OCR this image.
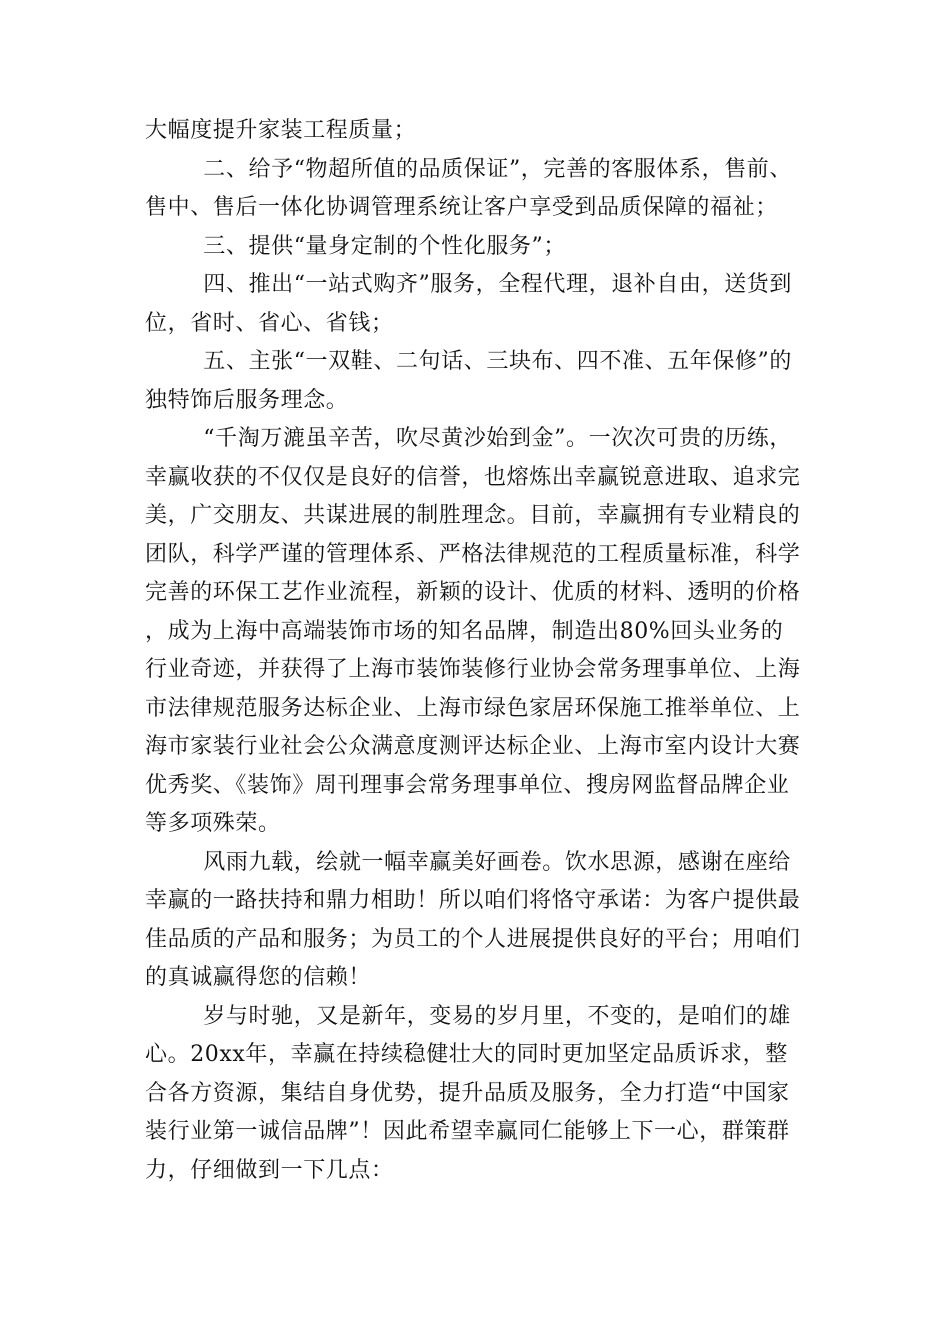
大幅度提升家装工程质量；

二、给予“物超所值的品质保证”，完善的客服体系，售前、售中、售后一体化协调管理系统让客户享受到品质保障的福祉；

三、提供“量身定制的个性化服务”；

四、推出“一站式购齐”服务，全程代理，退补自由，送货到位，省时、省心、省钱；

五、主张“一双鞋、二句话、三块布、四不准、五年保修”的独特饰后服务理念。

“千淘万漉虽辛苦，吹尽黄沙始到金”。一次次可贵的历练，幸赢收获的不仅仅是良好的信誉，也熔炼出幸赢锐意进取、追求完美，广交朋友、共谋进展的制胜理念。目前，幸赢拥有专业精良的团队，科学严谨的管理体系、严格法律规范的工程质量标准，科学完善的环保工艺作业流程，新颖的设计、优质的材料、透明的价格，成为上海中高端装饰市场的知名品牌，制造出80%回头业务的行业奇迹，并获得了上海市装饰装修行业协会常务理事单位、上海市法律规范服务达标企业、上海市绿色家居环保施工推举单位、上海市家装行业社会公众满意度测评达标企业、上海市室内设计大赛优秀奖、《装饰》周刊理事会常务理事单位、搜房网监督品牌企业等多项殊荣。

风雨九载，绘就一幅幸赢美好画卷。饮水思源，感谢在座给幸赢的一路扶持和鼎力相助！所以咱们将恪守承诺：为客户提供最佳品质的产品和服务；为员工的个人进展提供良好的平台；用咱们的真诚赢得您的信赖！

岁与时驰，又是新年，变易的岁月里，不变的，是咱们的雄心。20xx年，幸赢在持续稳健壮大的同时更加坚定品质诉求，整合各方资源，集结自身优势，提升品质及服务，全力打造“中国家装行业第一诚信品牌”！因此希望幸赢同仁能够上下一心，群策群力，仔细做到一下几点：
